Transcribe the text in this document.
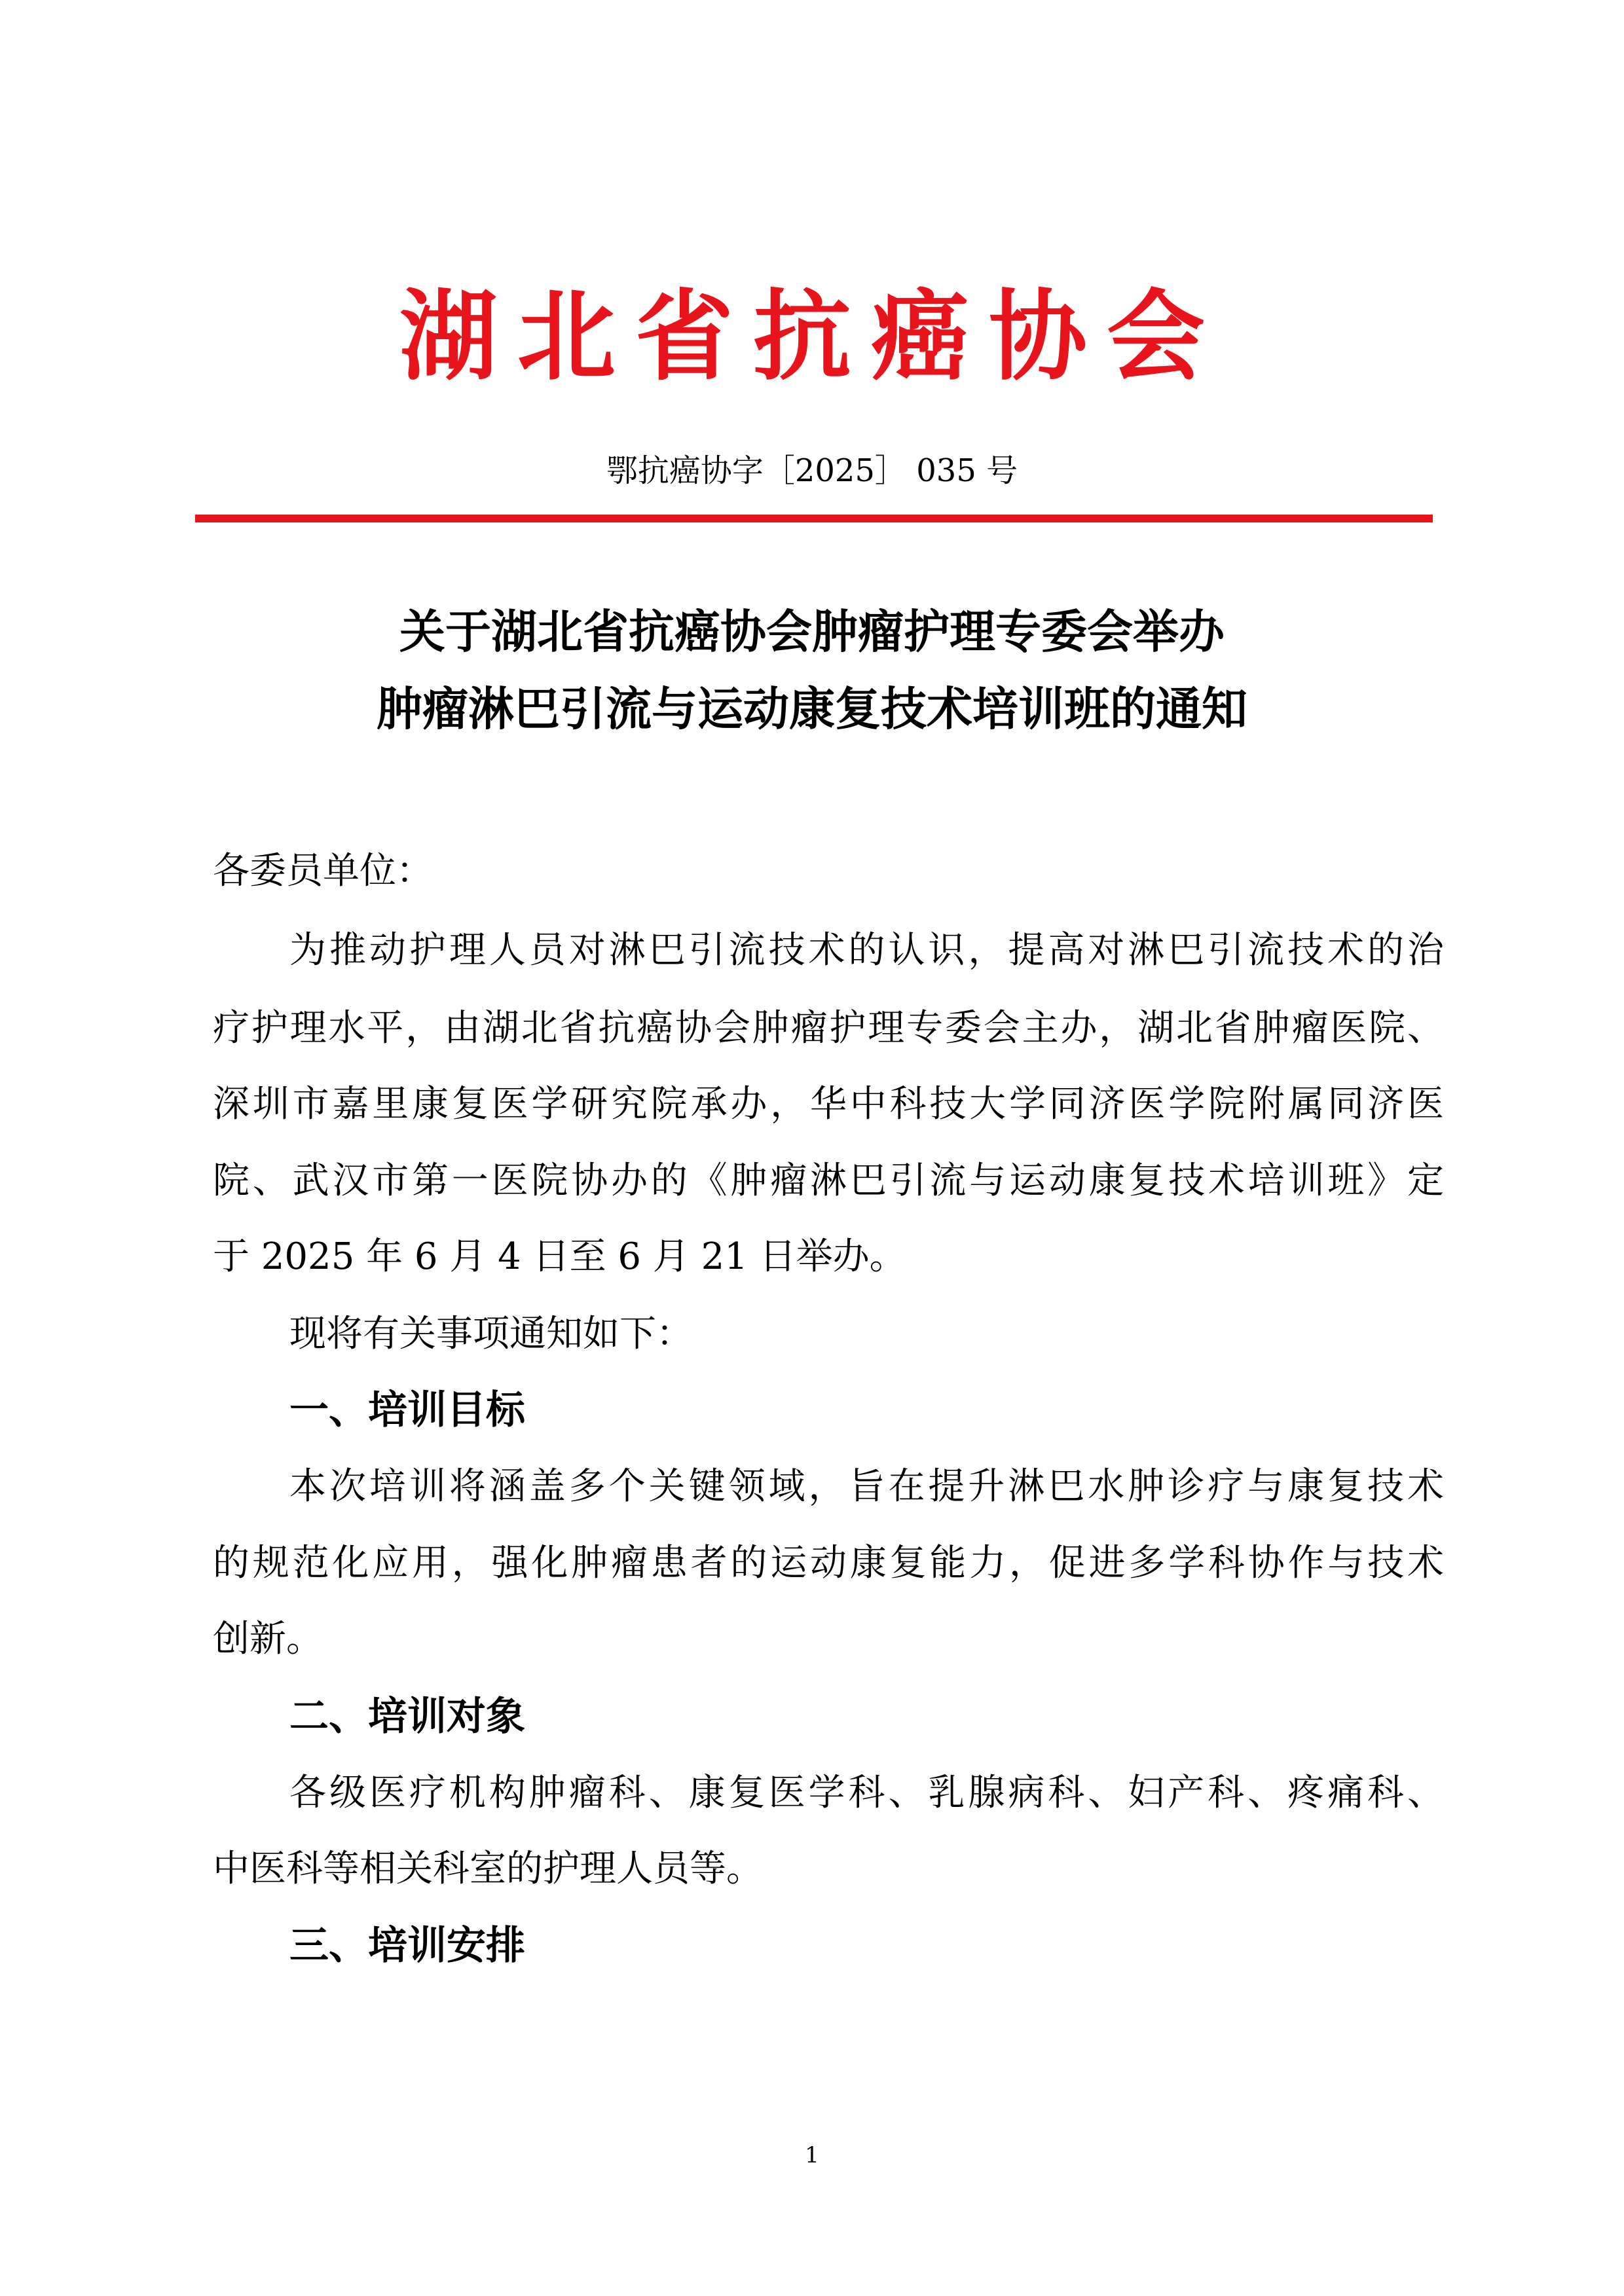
湖北省抗癌协会
鄂抗癌协字［2025］ 035 号
关于湖北省抗癌协会肿瘤护理专委会举办
肿瘤淋巴引流与运动康复技术培训班的通知
各委员单位：
为推动护理人员对淋巴引流技术的认识，提高对淋巴引流技术的治
疗护理水平，由湖北省抗癌协会肿瘤护理专委会主办，湖北省肿瘤医院、
深圳市嘉里康复医学研究院承办，华中科技大学同济医学院附属同济医
院、武汉市第一医院协办的《肿瘤淋巴引流与运动康复技术培训班》定
于 2025 年 6 月 4 日至 6 月 21 日举办。
现将有关事项通知如下：
一、培训目标
本次培训将涵盖多个关键领域，旨在提升淋巴水肿诊疗与康复技术
的规范化应用，强化肿瘤患者的运动康复能力，促进多学科协作与技术
创新。
二、培训对象
各级医疗机构肿瘤科、康复医学科、乳腺病科、妇产科、疼痛科、
中医科等相关科室的护理人员等。
三、培训安排
1
